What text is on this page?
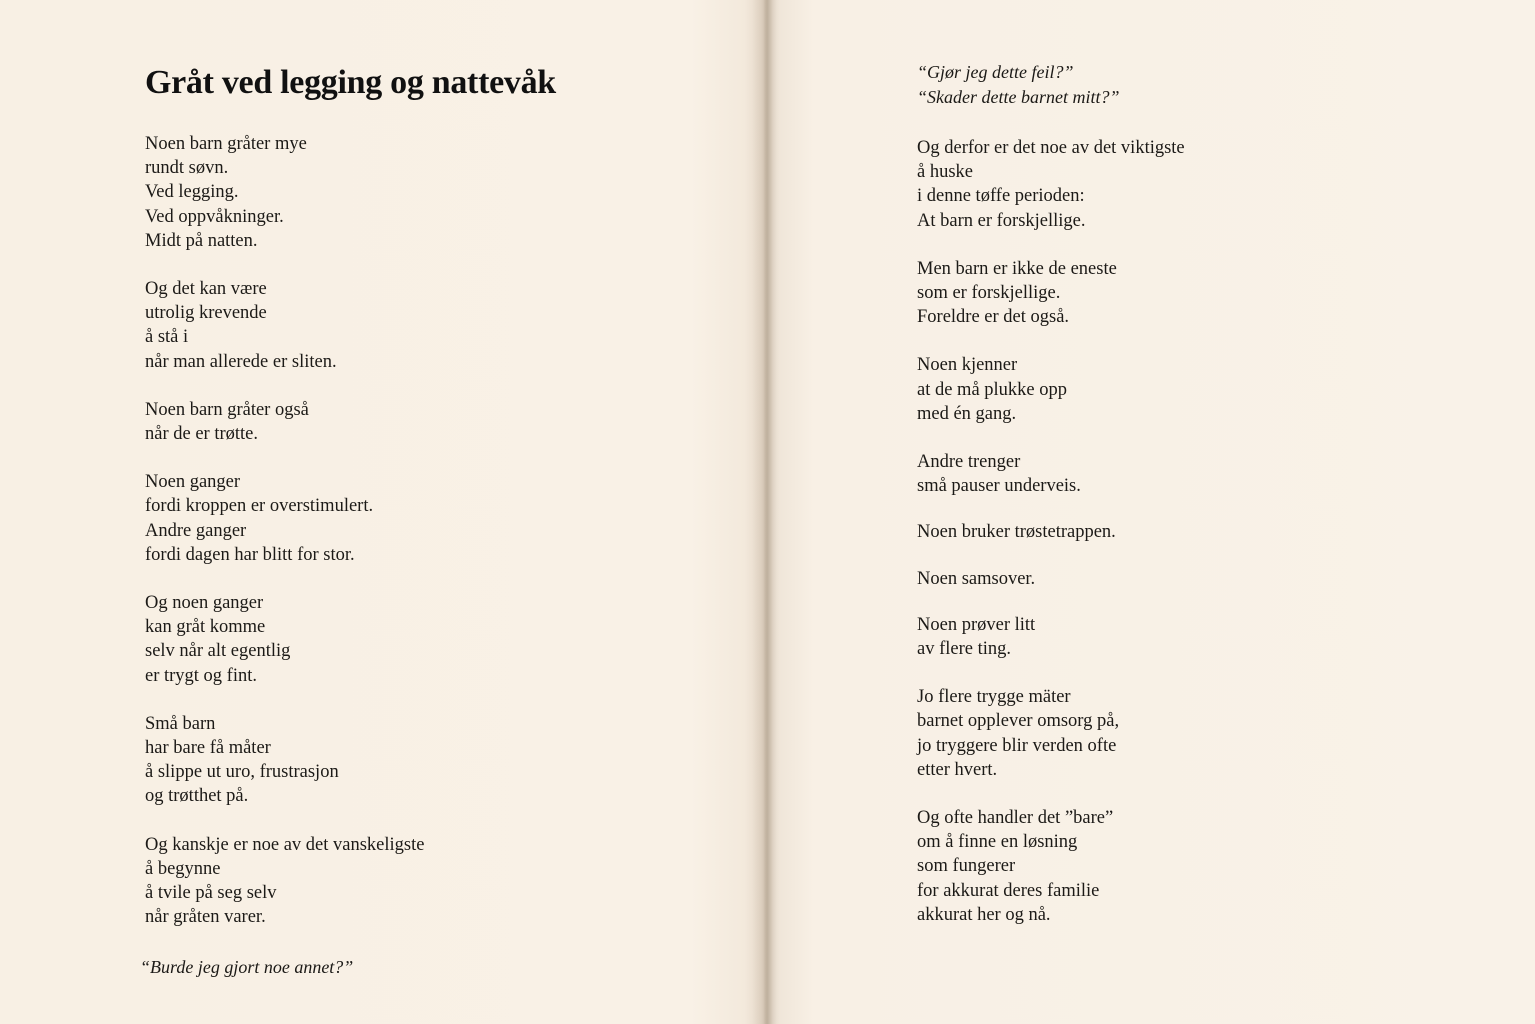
Gråt ved legging og nattevåk

Noen barn gråter mye
rundt søvn.
Ved legging.
Ved oppvåkninger.
Midt på natten.

Og det kan være
utrolig krevende
å stå i
når man allerede er sliten.

Noen barn gråter også
når de er trøtte.

Noen ganger
fordi kroppen er overstimulert.
Andre ganger
fordi dagen har blitt for stor.

Og noen ganger
kan gråt komme
selv når alt egentlig
er trygt og fint.

Små barn
har bare få måter
å slippe ut uro, frustrasjon
og trøtthet på.

Og kanskje er noe av det vanskeligste
å begynne
å tvile på seg selv
når gråten varer.

“Burde jeg gjort noe annet?”
“Gjør jeg dette feil?”
“Skader dette barnet mitt?”

Og derfor er det noe av det viktigste
å huske
i denne tøffe perioden:
At barn er forskjellige.

Men barn er ikke de eneste
som er forskjellige.
Foreldre er det også.

Noen kjenner
at de må plukke opp
med én gang.

Andre trenger
små pauser underveis.

Noen bruker trøstetrappen.

Noen samsover.

Noen prøver litt
av flere ting.

Jo flere trygge mäter
barnet opplever omsorg på,
jo tryggere blir verden ofte
etter hvert.

Og ofte handler det ”bare”
om å finne en løsning
som fungerer
for akkurat deres familie
akkurat her og nå.
